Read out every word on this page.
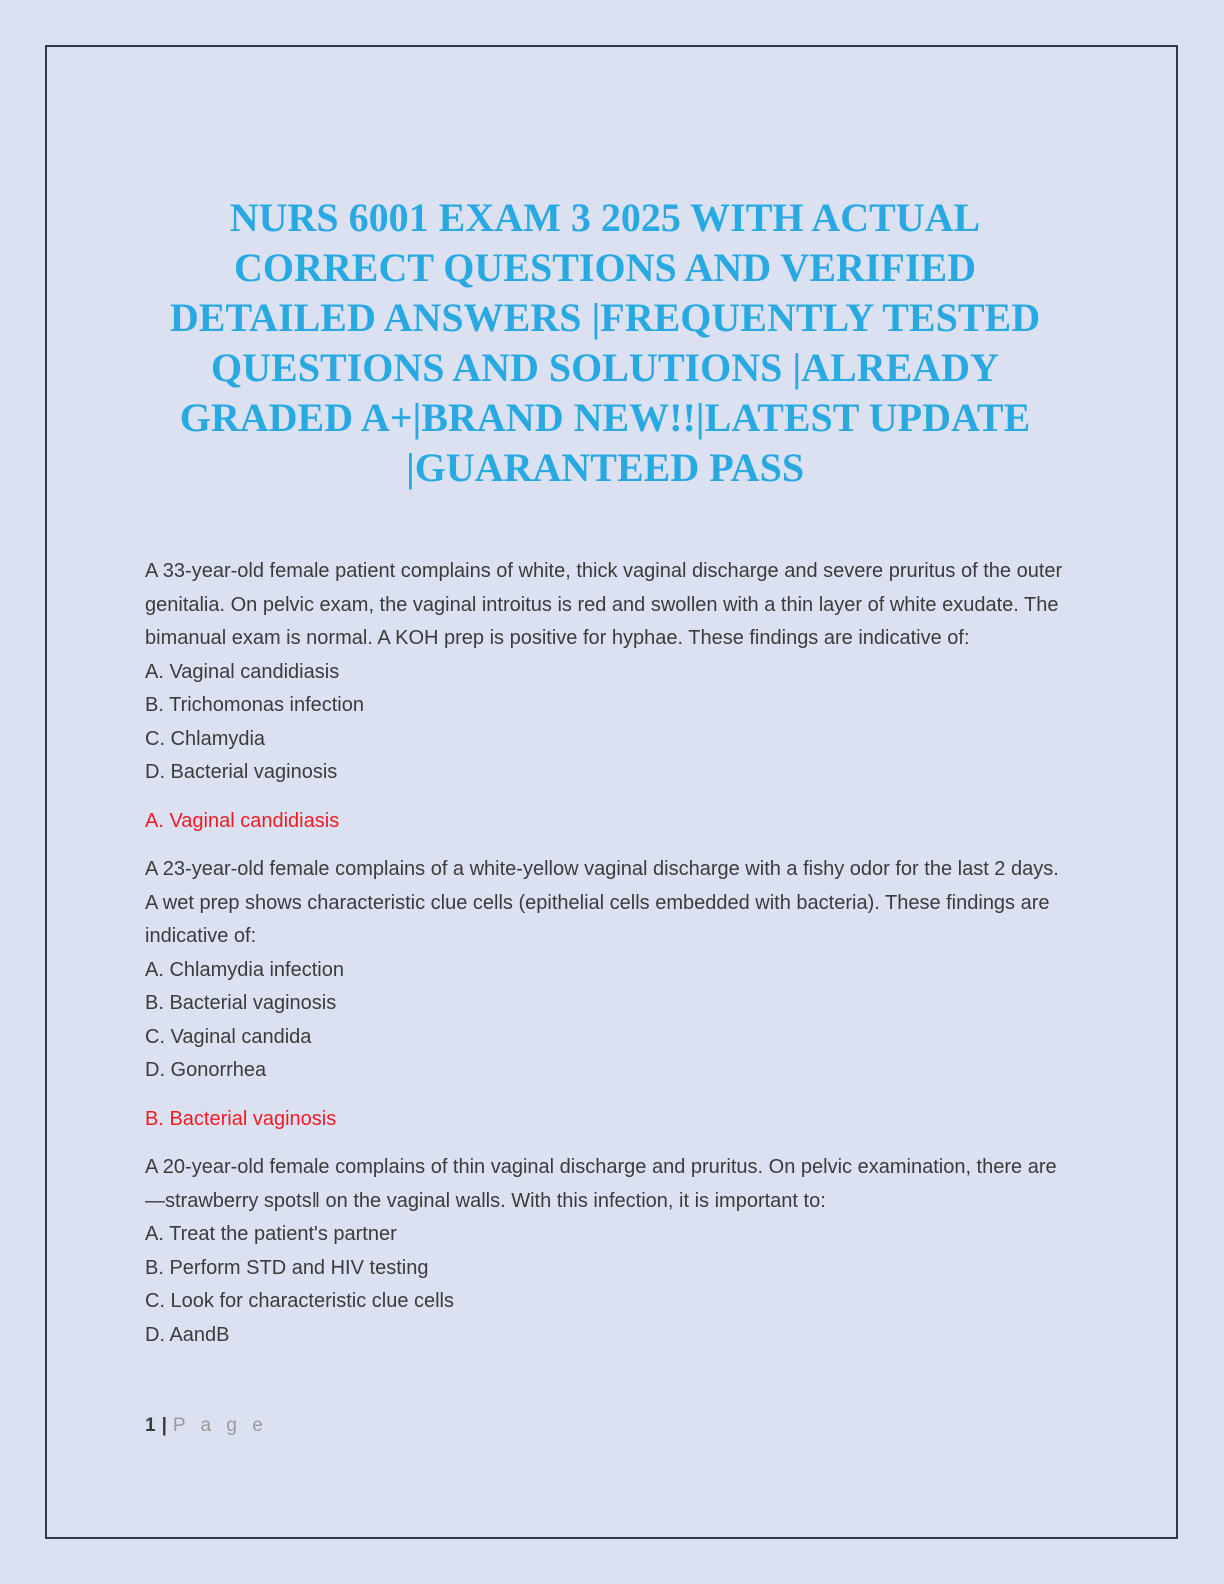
NURS 6001 EXAM 3 2025 WITH ACTUAL
CORRECT QUESTIONS AND VERIFIED
DETAILED ANSWERS |FREQUENTLY TESTED
QUESTIONS AND SOLUTIONS |ALREADY
GRADED A+|BRAND NEW!!|LATEST UPDATE
|GUARANTEED PASS

A 33-year-old female patient complains of white, thick vaginal discharge and severe pruritus of the outer genitalia. On pelvic exam, the vaginal introitus is red and swollen with a thin layer of white exudate. The bimanual exam is normal. A KOH prep is positive for hyphae. These findings are indicative of:

A. Vaginal candidiasis
B. Trichomonas infection
C. Chlamydia
D. Bacterial vaginosis

A. Vaginal candidiasis

A 23-year-old female complains of a white-yellow vaginal discharge with a fishy odor for the last 2 days. A wet prep shows characteristic clue cells (epithelial cells embedded with bacteria). These findings are indicative of:

A. Chlamydia infection
B. Bacterial vaginosis
C. Vaginal candida
D. Gonorrhea

B. Bacterial vaginosis

A 20-year-old female complains of thin vaginal discharge and pruritus. On pelvic examination, there are —strawberry spots‖ on the vaginal walls. With this infection, it is important to:

A. Treat the patient's partner
B. Perform STD and HIV testing
C. Look for characteristic clue cells
D. AandB
1 | P a g e
